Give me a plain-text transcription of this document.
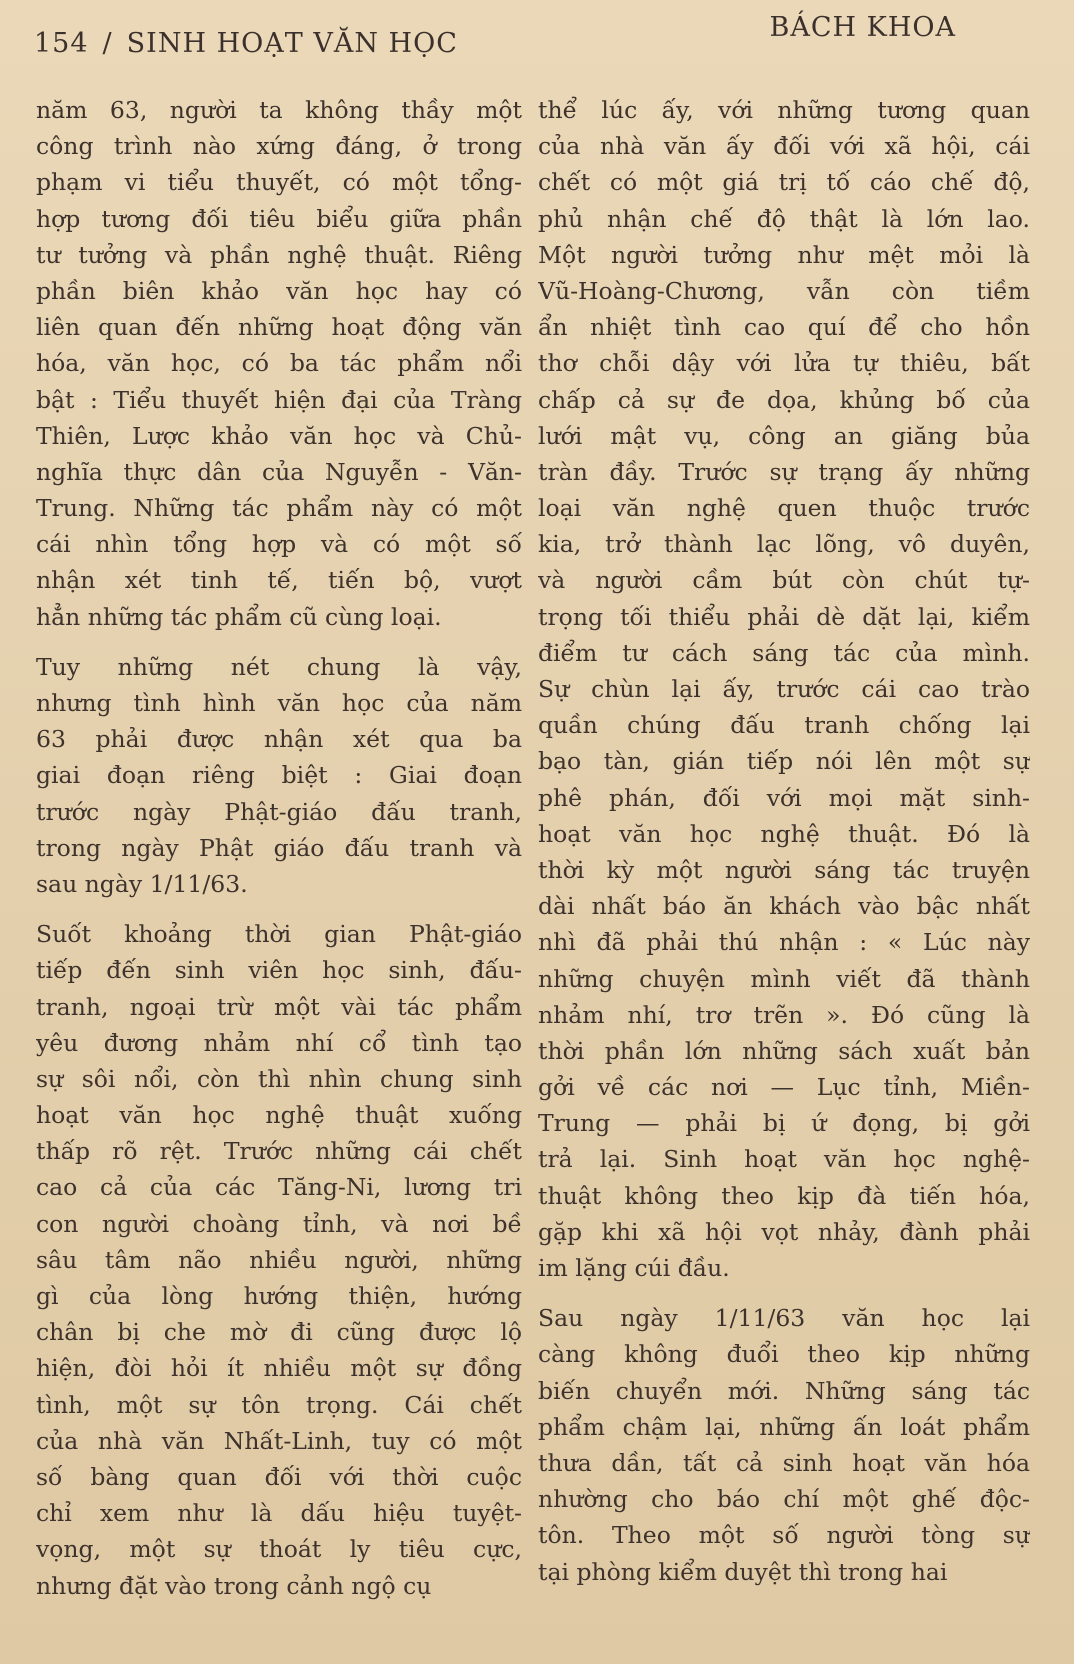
154 / SINH HOẠT VĂN HỌC
BÁCH KHOA
năm 63, người ta không thầy một
công trình nào xứng đáng, ở trong
phạm vi tiểu thuyết, có một tổng-
hợp tương đối tiêu biểu giữa phần
tư tưởng và phần nghệ thuật. Riêng
phần biên khảo văn học hay có
liên quan đến những hoạt động văn
hóa, văn học, có ba tác phẩm nổi
bật : Tiểu thuyết hiện đại của Tràng
Thiên, Lược khảo văn học và Chủ-
nghĩa thực dân của Nguyễn - Văn-
Trung. Những tác phẩm này có một
cái nhìn tổng hợp và có một số
nhận xét tinh tế, tiến bộ, vượt
hẳn những tác phẩm cũ cùng loại.
Tuy những nét chung là vậy,
nhưng tình hình văn học của năm
63 phải được nhận xét qua ba
giai đoạn riêng biệt : Giai đoạn
trước ngày Phật-giáo đấu tranh,
trong ngày Phật giáo đấu tranh và
sau ngày 1/11/63.
Suốt khoảng thời gian Phật-giáo
tiếp đến sinh viên học sinh, đấu-
tranh, ngoại trừ một vài tác phẩm
yêu đương nhảm nhí cổ tình tạo
sự sôi nổi, còn thì nhìn chung sinh
hoạt văn học nghệ thuật xuống
thấp rõ rệt. Trước những cái chết
cao cả của các Tăng-Ni, lương tri
con người choàng tỉnh, và nơi bề
sâu tâm não nhiều người, những
gì của lòng hướng thiện, hướng
chân bị che mờ đi cũng được lộ
hiện, đòi hỏi ít nhiều một sự đồng
tình, một sự tôn trọng. Cái chết
của nhà văn Nhất-Linh, tuy có một
số bàng quan đối với thời cuộc
chỉ xem như là dấu hiệu tuyệt-
vọng, một sự thoát ly tiêu cực,
nhưng đặt vào trong cảnh ngộ cụ
thể lúc ấy, với những tương quan
của nhà văn ấy đối với xã hội, cái
chết có một giá trị tố cáo chế độ,
phủ nhận chế độ thật là lớn lao.
Một người tưởng như mệt mỏi là
Vũ-Hoàng-Chương, vẫn còn tiềm
ẩn nhiệt tình cao quí để cho hồn
thơ chỗi dậy với lửa tự thiêu, bất
chấp cả sự đe dọa, khủng bố của
lưới mật vụ, công an giăng bủa
tràn đầy. Trước sự trạng ấy những
loại văn nghệ quen thuộc trước
kia, trở thành lạc lõng, vô duyên,
và người cầm bút còn chút tự-
trọng tối thiểu phải dè dặt lại, kiểm
điểm tư cách sáng tác của mình.
Sự chùn lại ấy, trước cái cao trào
quần chúng đấu tranh chống lại
bạo tàn, gián tiếp nói lên một sự
phê phán, đối với mọi mặt sinh-
hoạt văn học nghệ thuật. Đó là
thời kỳ một người sáng tác truyện
dài nhất báo ăn khách vào bậc nhất
nhì đã phải thú nhận : « Lúc này
những chuyện mình viết đã thành
nhảm nhí, trơ trẽn ». Đó cũng là
thời phần lớn những sách xuất bản
gởi về các nơi — Lục tỉnh, Miền-
Trung — phải bị ứ đọng, bị gởi
trả lại. Sinh hoạt văn học nghệ-
thuật không theo kịp đà tiến hóa,
gặp khi xã hội vọt nhảy, đành phải
im lặng cúi đầu.
Sau ngày 1/11/63 văn học lại
càng không đuổi theo kịp những
biến chuyển mới. Những sáng tác
phẩm chậm lại, những ấn loát phẩm
thưa dần, tất cả sinh hoạt văn hóa
nhường cho báo chí một ghế độc-
tôn. Theo một số người tòng sự
tại phòng kiểm duyệt thì trong hai
